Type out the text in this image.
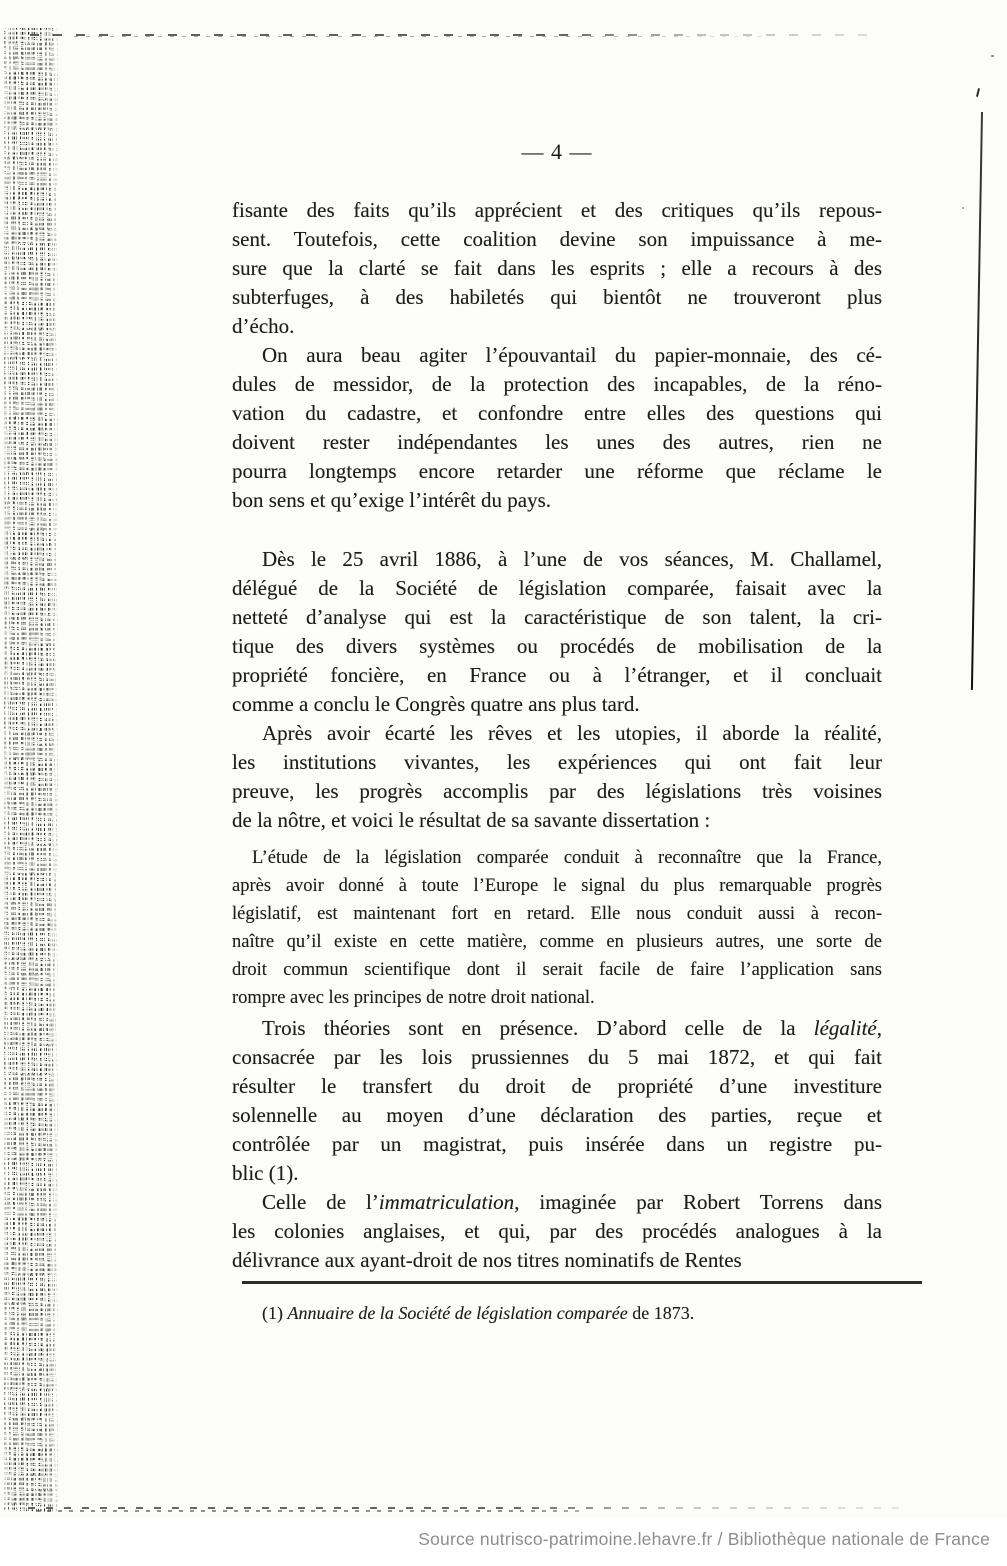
— 4 —
fisante des faits qu’ils apprécient et des critiques qu’ils repous-
sent. Toutefois, cette coalition devine son impuissance à me-
sure que la clarté se fait dans les esprits ; elle a recours à des
subterfuges, à des habiletés qui bientôt ne trouveront plus
d’écho.
On aura beau agiter l’épouvantail du papier-monnaie, des cé-
dules de messidor, de la protection des incapables, de la réno-
vation du cadastre, et confondre entre elles des questions qui
doivent rester indépendantes les unes des autres, rien ne
pourra longtemps encore retarder une réforme que réclame le
bon sens et qu’exige l’intérêt du pays.
Dès le 25 avril 1886, à l’une de vos séances, M. Challamel,
délégué de la Société de législation comparée, faisait avec la
netteté d’analyse qui est la caractéristique de son talent, la cri-
tique des divers systèmes ou procédés de mobilisation de la
propriété foncière, en France ou à l’étranger, et il concluait
comme a conclu le Congrès quatre ans plus tard.
Après avoir écarté les rêves et les utopies, il aborde la réalité,
les institutions vivantes, les expériences qui ont fait leur
preuve, les progrès accomplis par des législations très voisines
de la nôtre, et voici le résultat de sa savante dissertation :
L’étude de la législation comparée conduit à reconnaître que la France,
après avoir donné à toute l’Europe le signal du plus remarquable progrès
législatif, est maintenant fort en retard. Elle nous conduit aussi à recon-
naître qu’il existe en cette matière, comme en plusieurs autres, une sorte de
droit commun scientifique dont il serait facile de faire l’application sans
rompre avec les principes de notre droit national.
Trois théories sont en présence. D’abord celle de la légalité,
consacrée par les lois prussiennes du 5 mai 1872, et qui fait
résulter le transfert du droit de propriété d’une investiture
solennelle au moyen d’une déclaration des parties, reçue et
contrôlée par un magistrat, puis insérée dans un registre pu-
blic (1).
Celle de l’immatriculation, imaginée par Robert Torrens dans
les colonies anglaises, et qui, par des procédés analogues à la
délivrance aux ayant-droit de nos titres nominatifs de Rentes
(1) Annuaire de la Société de législation comparée de 1873.
Source nutrisco-patrimoine.lehavre.fr / Bibliothèque nationale de France
